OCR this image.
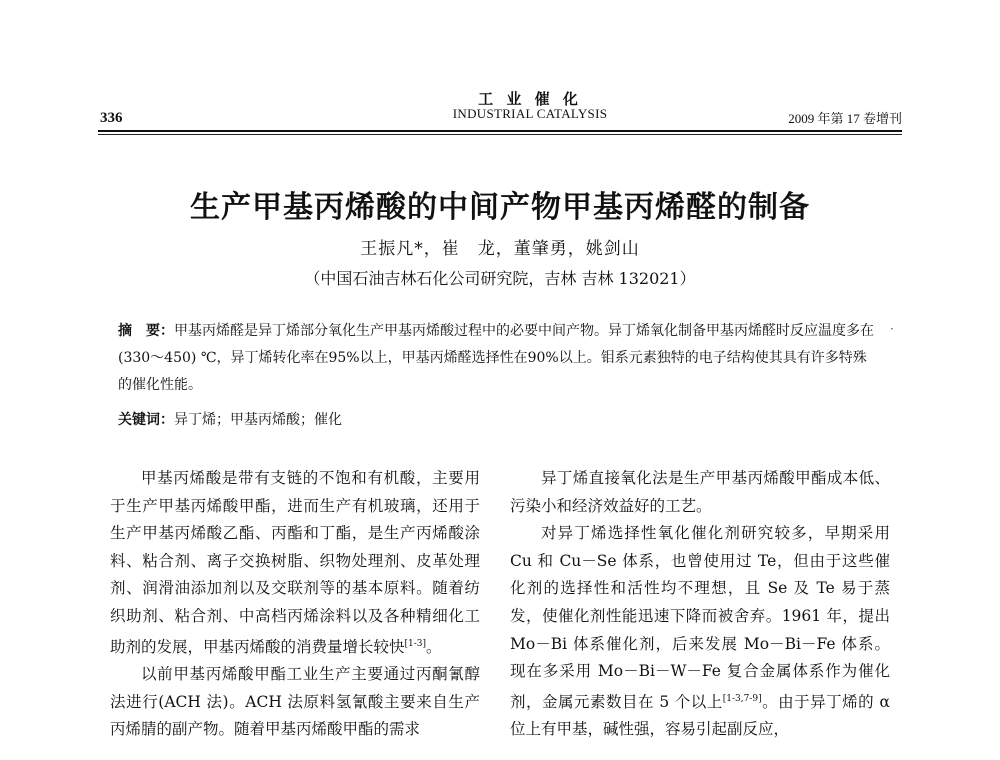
工 业 催 化
INDUSTRIAL CATALYSIS
336	2009 年第 17 卷增刊
生产甲基丙烯酸的中间产物甲基丙烯醛的制备
王振凡*，崔　龙，董肇勇，姚剑山
（中国石油吉林石化公司研究院，吉林 吉林 132021）
摘　要：甲基丙烯醛是异丁烯部分氧化生产甲基丙烯酸过程中的必要中间产物。异丁烯氧化制备甲基丙烯醛时反应温度多在(330～450) ℃，异丁烯转化率在95%以上，甲基丙烯醛选择性在90%以上。钼系元素独特的电子结构使其具有许多特殊的催化性能。
·
关键词：异丁烯；甲基丙烯酸；催化

甲基丙烯酸是带有支链的不饱和有机酸，主要用于生产甲基丙烯酸甲酯，进而生产有机玻璃，还用于生产甲基丙烯酸乙酯、丙酯和丁酯，是生产丙烯酸涂料、粘合剂、离子交换树脂、织物处理剂、皮革处理剂、润滑油添加剂以及交联剂等的基本原料。随着纺织助剂、粘合剂、中高档丙烯涂料以及各种精细化工助剂的发展，甲基丙烯酸的消费量增长较快[1-3]。

以前甲基丙烯酸甲酯工业生产主要通过丙酮氰醇法进行(ACH 法)。ACH 法原料氢氰酸主要来自生产丙烯腈的副产物。随着甲基丙烯酸甲酯的需求

异丁烯直接氧化法是生产甲基丙烯酸甲酯成本低、污染小和经济效益好的工艺。

对异丁烯选择性氧化催化剂研究较多，早期采用 Cu 和 Cu－Se 体系，也曾使用过 Te，但由于这些催化剂的选择性和活性均不理想，且 Se 及 Te 易于蒸发，使催化剂性能迅速下降而被舍弃。1961 年，提出 Mo－Bi 体系催化剂，后来发展 Mo－Bi－Fe 体系。现在多采用 Mo－Bi－W－Fe 复合金属体系作为催化剂，金属元素数目在 5 个以上[1-3,7-9]。由于异丁烯的 α 位上有甲基，碱性强，容易引起副反应，
